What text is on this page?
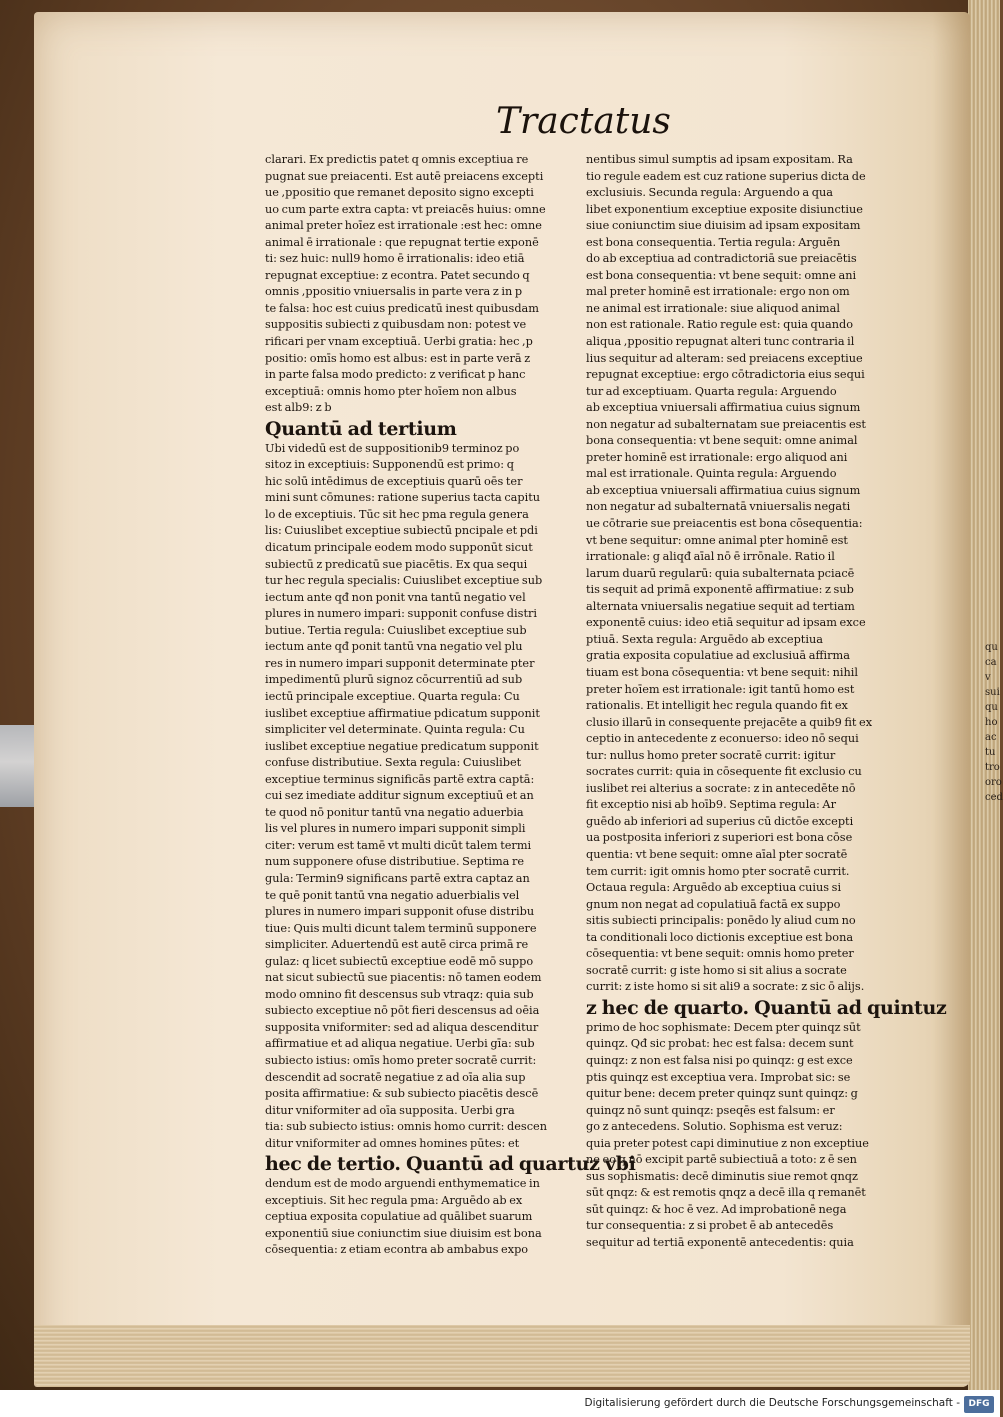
qu ca v sui qu ho ac tu tro oro ced
Tractatus
clarari. Ex predictis patet q omnis exceptiua re
pugnat sue preiacenti. Est autē preiacens excepti
ue ,ppositio que remanet deposito signo excepti
uo cum parte extra capta: vt preiacēs huius: omne
animal preter hoīez est irrationale :est hec: omne
animal ē irrationale : que repugnat tertie exponē
ti: sez huic: null9 homo ē irrationalis: ideo etiā
repugnat exceptiue: z econtra. Patet secundo q
omnis ,ppositio vniuersalis in parte vera z in p
te falsa: hoc est cuius predicatū inest quibusdam
suppositis subiecti z quibusdam non: potest ve
rificari per vnam exceptiuā. Uerbi gratia: hec ,p
positio: omīs homo est albus: est in parte verā z
in parte falsa modo predicto: z verificat p hanc
exceptiuā: omnis homo pter hoīem non albus
est alb9: z b
Quantū ad tertium
Ubi videdū est de suppositionib9 terminoz po
sitoz in exceptiuis: Supponendū est primo: q
hic solū intēdimus de exceptiuis quarū oēs ter
mini sunt cōmunes: ratione superius tacta capitu
lo de exceptiuis. Tūc sit hec pma regula genera
lis: Cuiuslibet exceptiue subiectū pncipale et pdi
dicatum principale eodem modo supponūt sicut
subiectū z predicatū sue piacētis. Ex qua sequi
tur hec regula specialis: Cuiuslibet exceptiue sub
iectum ante qđ non ponit vna tantū negatio vel
plures in numero impari: supponit confuse distri
butiue. Tertia regula: Cuiuslibet exceptiue sub
iectum ante qđ ponit tantū vna negatio vel plu
res in numero impari supponit determinate pter
impedimentū plurū signoz cōcurrentiū ad sub
iectū principale exceptiue. Quarta regula: Cu
iuslibet exceptiue affirmatiue pdicatum supponit
simpliciter vel determinate. Quinta regula: Cu
iuslibet exceptiue negatiue predicatum supponit
confuse distributiue. Sexta regula: Cuiuslibet
exceptiue terminus significās partē extra captā:
cui sez imediate additur signum exceptiuū et an
te quod nō ponitur tantū vna negatio aduerbia
lis vel plures in numero impari supponit simpli
citer: verum est tamē vt multi dicūt talem termi
num supponere ofuse distributiue. Septima re
gula: Termin9 significans partē extra captaz an
te quē ponit tantū vna negatio aduerbialis vel
plures in numero impari supponit ofuse distribu
tiue: Quis multi dicunt talem terminū supponere
simpliciter. Aduertendū est autē circa primā re
gulaz: q licet subiectū exceptiue eodē mō suppo
nat sicut subiectū sue piacentis: nō tamen eodem
modo omnino fit descensus sub vtraqz: quia sub
subiecto exceptiue nō pōt fieri descensus ad oēia
supposita vniformiter: sed ad aliqua descenditur
affirmatiue et ad aliqua negatiue. Uerbi gīa: sub
subiecto istius: omīs homo preter socratē currit:
descendit ad socratē negatiue z ad oīa alia sup
posita affirmatiue: & sub subiecto piacētis descē
ditur vniformiter ad oīa supposita. Uerbi gra
tia: sub subiecto istius: omnis homo currit: descen
ditur vniformiter ad omnes homines pūtes: et
hec de tertio. Quantū ad quartuz vbi
dendum est de modo arguendi enthymematice in
exceptiuis. Sit hec regula pma: Arguēdo ab ex
ceptiua exposita copulatiue ad quālibet suarum
exponentiū siue coniunctim siue diuisim est bona
cōsequentia: z etiam econtra ab ambabus expo
nentibus simul sumptis ad ipsam expositam. Ra
tio regule eadem est cuz ratione superius dicta de
exclusiuis. Secunda regula: Arguendo a qua
libet exponentium exceptiue exposite disiunctiue
siue coniunctim siue diuisim ad ipsam expositam
est bona consequentia. Tertia regula: Arguēn
do ab exceptiua ad contradictoriā sue preiacētis
est bona consequentia: vt bene sequit: omne ani
mal preter hominē est irrationale: ergo non om
ne animal est irrationale: siue aliquod animal
non est rationale. Ratio regule est: quia quando
aliqua ,ppositio repugnat alteri tunc contraria il
lius sequitur ad alteram: sed preiacens exceptiue
repugnat exceptiue: ergo cōtradictoria eius sequi
tur ad exceptiuam. Quarta regula: Arguendo
ab exceptiua vniuersali affirmatiua cuius signum
non negatur ad subalternatam sue preiacentis est
bona consequentia: vt bene sequit: omne animal
preter hominē est irrationale: ergo aliquod ani
mal est irrationale. Quinta regula: Arguendo
ab exceptiua vniuersali affirmatiua cuius signum
non negatur ad subalternatā vniuersalis negati
ue cōtrarie sue preiacentis est bona cōsequentia:
vt bene sequitur: omne animal pter hominē est
irrationale: g aliqđ aīal nō ē irrōnale. Ratio il
larum duarū regularū: quia subalternata pciacē
tis sequit ad primā exponentē affirmatiue: z sub
alternata vniuersalis negatiue sequit ad tertiam
exponentē cuius: ideo etiā sequitur ad ipsam exce
ptiuā. Sexta regula: Arguēdo ab exceptiua
gratia exposita copulatiue ad exclusiuā affirma
tiuam est bona cōsequentia: vt bene sequit: nihil
preter hoīem est irrationale: igit tantū homo est
rationalis. Et intelligit hec regula quando fit ex
clusio illarū in consequente prejacēte a quib9 fit ex
ceptio in antecedente z econuerso: ideo nō sequi
tur: nullus homo preter socratē currit: igitur
socrates currit: quia in cōsequente fit exclusio cu
iuslibet rei alterius a socrate: z in antecedēte nō
fit exceptio nisi ab hoīb9. Septima regula: Ar
guēdo ab inferiori ad superius cū dictōe excepti
ua postposita inferiori z superiori est bona cōse
quentia: vt bene sequit: omne aīal pter socratē
tem currit: igit omnis homo pter socratē currit.
Octaua regula: Arguēdo ab exceptiua cuius si
gnum non negat ad copulatiuā factā ex suppo
sitis subiecti principalis: ponēdo ly aliud cum no
ta conditionali loco dictionis exceptiue est bona
cōsequentia: vt bene sequit: omnis homo preter
socratē currit: g iste homo si sit alius a socrate
currit: z iste homo si sit ali9 a socrate: z sic ō alijs.
z hec de quarto. Quantū ad quintuz
primo de hoc sophismate: Decem pter quinqz sūt
quinqz. Qđ sic probat: hec est falsa: decem sunt
quinqz: z non est falsa nisi po quinqz: g est exce
ptis quinqz est exceptiua vera. Improbat sic: se
quitur bene: decem preter quinqz sunt quinqz: g
quinqz nō sunt quinqz: pseqēs est falsum: er
go z antecedens. Solutio. Sophisma est veruz:
quia preter potest capi diminutiue z non exceptiue
ne eo q nō excipit partē subiectiuā a toto: z ē sen
sus sophismatis: decē diminutis siue remot qnqz
sūt qnqz: & est remotis qnqz a decē illa q remanēt
sūt quinqz: & hoc ē vez. Ad improbationē nega
tur consequentia: z si probet ē ab antecedēs
sequitur ad tertiā exponentē antecedentis: quia
Digitalisierung gefördert durch die Deutsche Forschungsgemeinschaft - DFG
